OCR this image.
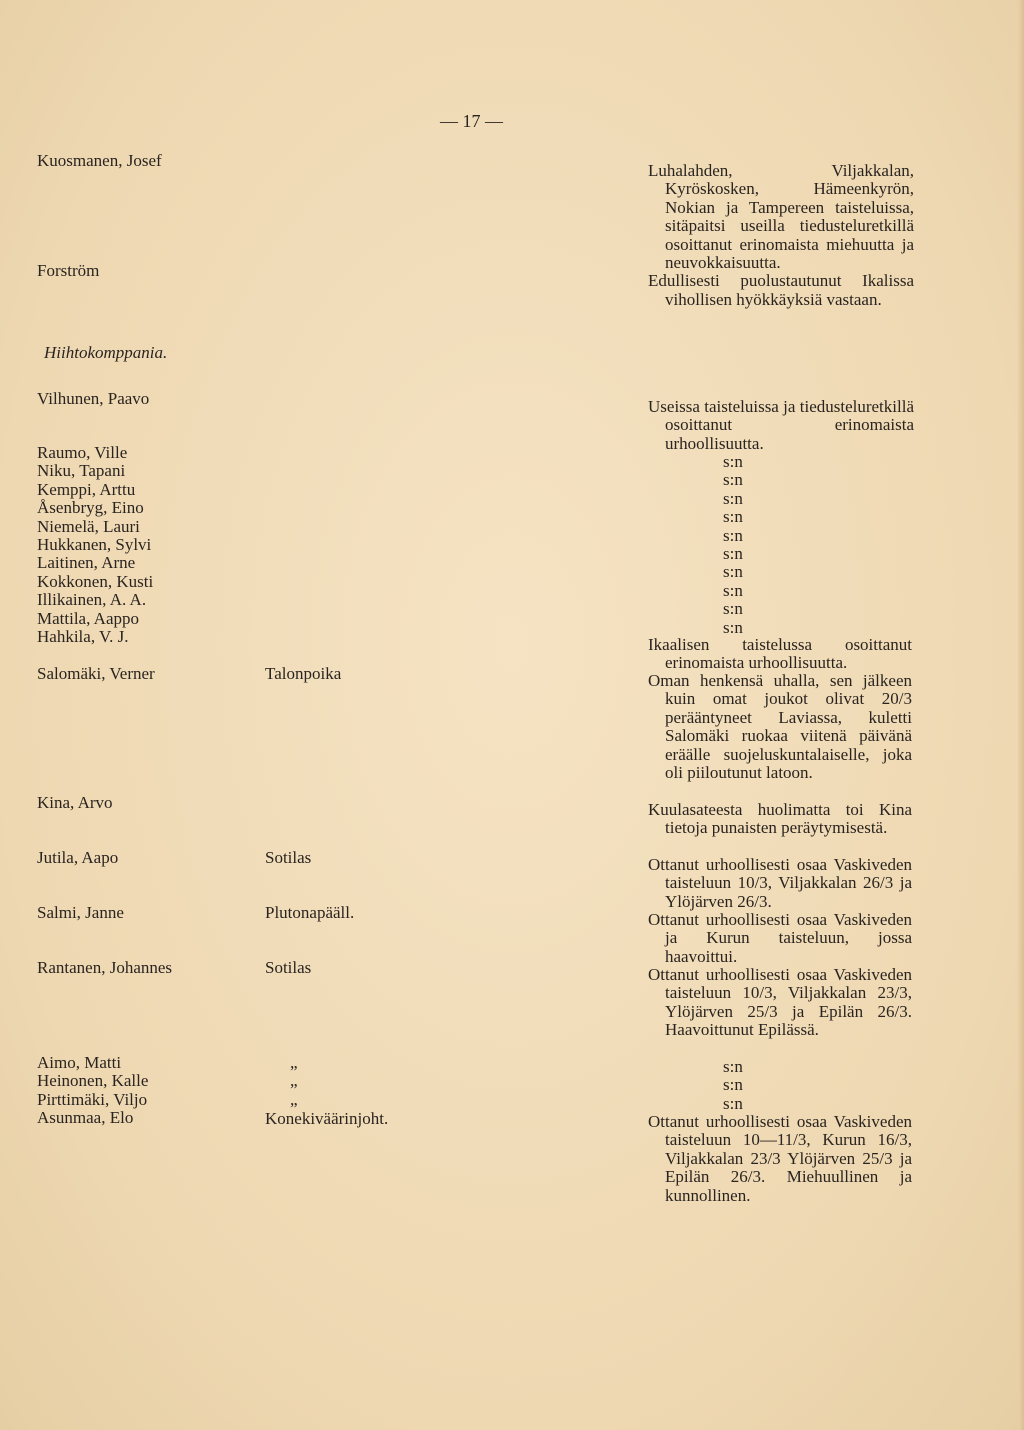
— 17 —
Kuosmanen, Josef
Forström
Hiihtokomppania.
Vilhunen, Paavo
Raumo, Ville
Niku, Tapani
Kemppi, Arttu
Åsenbryg, Eino
Niemelä, Lauri
Hukkanen, Sylvi
Laitinen, Arne
Kokkonen, Kusti
Illikainen, A. A.
Mattila, Aappo
Hahkila, V. J.
Salomäki, Verner
Kina, Arvo
Jutila, Aapo
Salmi, Janne
Rantanen, Johannes
Aimo, Matti
Heinonen, Kalle
Pirttimäki, Viljo
Asunmaa, Elo
Talonpoika
Sotilas
Plutonapääll.
Sotilas
„
„
„
Konekiväärinjoht.

Luhalahden, Viljakkalan, Kyröskosken, Hämeenkyrön, Nokian ja Tampereen taisteluissa, sitäpaitsi useilla tiedusteluretkillä osoittanut erinomaista miehuutta ja neuvokkaisuutta.

Edullisesti puolustautunut Ikalissa vihollisen hyökkäyksiä vastaan.

Useissa taisteluissa ja tiedusteluretkillä osoittanut erinomaista urhoollisuutta.

s:n
s:n
s:n
s:n
s:n
s:n
s:n
s:n
s:n
s:n

Ikaalisen taistelussa osoittanut erinomaista urhoollisuutta.

Oman henkensä uhalla, sen jälkeen kuin omat joukot olivat 20/3 perääntyneet Laviassa, kuletti Salomäki ruokaa viitenä päivänä eräälle suojeluskuntalaiselle, joka oli piiloutunut latoon.

Kuulasateesta huolimatta toi Kina tietoja punaisten peräytymisestä.

Ottanut urhoollisesti osaa Vaskiveden taisteluun 10/3, Viljakkalan 26/3 ja Ylöjärven 26/3.

Ottanut urhoollisesti osaa Vaskiveden ja Kurun taisteluun, jossa haavoittui.

Ottanut urhoollisesti osaa Vaskiveden taisteluun 10/3, Viljakkalan 23/3, Ylöjärven 25/3 ja Epilän 26/3. Haavoittunut Epilässä.

s:n
s:n
s:n

Ottanut urhoollisesti osaa Vaskiveden taisteluun 10—11/3, Kurun 16/3, Viljakkalan 23/3 Ylöjärven 25/3 ja Epilän 26/3. Miehuullinen ja kunnollinen.
